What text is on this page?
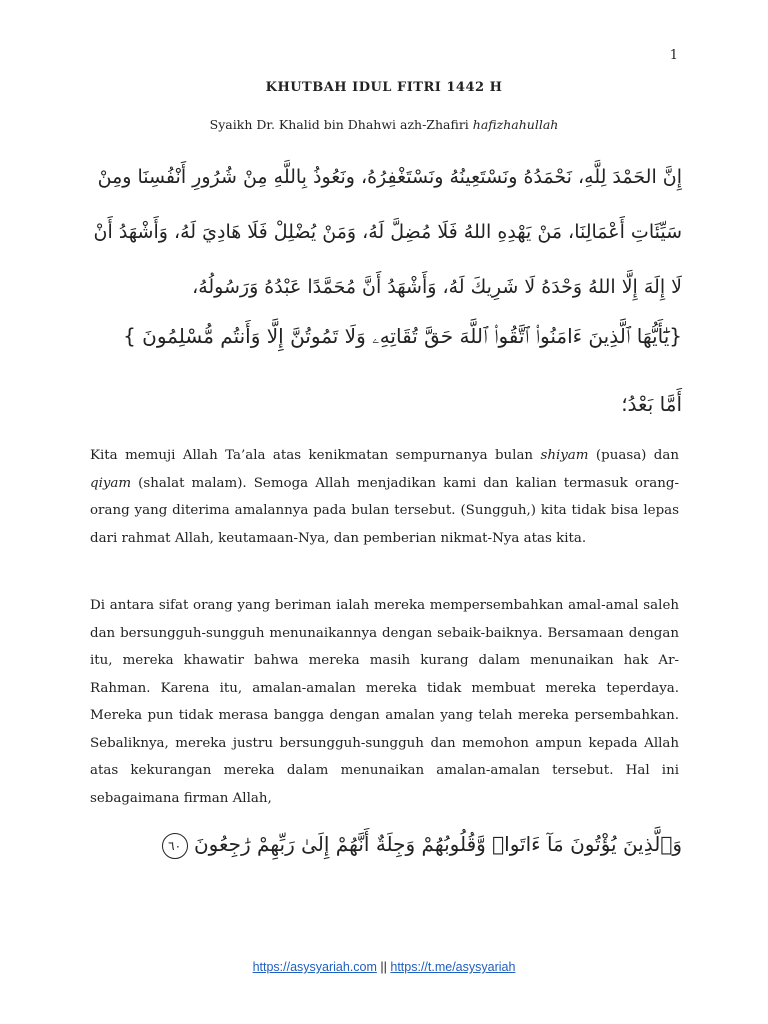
1
KHUTBAH IDUL FITRI 1442 H
Syaikh Dr. Khalid bin Dhahwi azh-Zhafiri hafizhahullah
إِنَّ الحَمْدَ لِلَّهِ، نَحْمَدُهُ ونَسْتَعِينُهُ ونَسْتَغْفِرُهُ، ونَعُوذُ بِاللَّهِ مِنْ شُرُورِ أَنْفُسِنَا ومِنْ سَيِّئَاتِ أَعْمَالِنَا، مَنْ يَهْدِهِ اللهُ فَلَا مُضِلَّ لَهُ، وَمَنْ يُضْلِلْ فَلَا هَادِيَ لَهُ، وَأَشْهَدُ أَنْ لَا إِلَهَ إِلَّا اللهُ وَحْدَهُ لَا شَرِيكَ لَهُ، وَأَشْهَدُ أَنَّ مُحَمَّدًا عَبْدُهُ وَرَسُولُهُ،
{يَٰٓأَيُّهَا ٱلَّذِينَ ءَامَنُوا۟ ٱتَّقُوا۟ ٱللَّهَ حَقَّ تُقَاتِهِۦ وَلَا تَمُوتُنَّ إِلَّا وَأَنتُم مُّسْلِمُونَ }
أَمَّا بَعْدُ؛
Kita memuji Allah Ta’ala atas kenikmatan sempurnanya bulan shiyam (puasa) dan qiyam (shalat malam). Semoga Allah menjadikan kami dan kalian termasuk orang-orang yang diterima amalannya pada bulan tersebut. (Sungguh,) kita tidak bisa lepas dari rahmat Allah, keutamaan-Nya, dan pemberian nikmat-Nya atas kita.
Di antara sifat orang yang beriman ialah mereka mempersembahkan amal-amal saleh dan bersungguh-sungguh menunaikannya dengan sebaik-baiknya. Bersamaan dengan itu, mereka khawatir bahwa mereka masih kurang dalam menunaikan hak Ar-Rahman. Karena itu, amalan-amalan mereka tidak membuat mereka teperdaya. Mereka pun tidak merasa bangga dengan amalan yang telah mereka persembahkan. Sebaliknya, mereka justru bersungguh-sungguh dan memohon ampun kepada Allah atas kekurangan mereka dalam menunaikan amalan-amalan tersebut. Hal ini sebagaimana firman Allah,
وَٱلَّذِينَ يُؤْتُونَ مَآ ءَاتَوا۟ وَّقُلُوبُهُمْ وَجِلَةٌ أَنَّهُمْ إِلَىٰ رَبِّهِمْ رَٰجِعُونَ ٦٠
https://asysyariah.com || https://t.me/asysyariah
